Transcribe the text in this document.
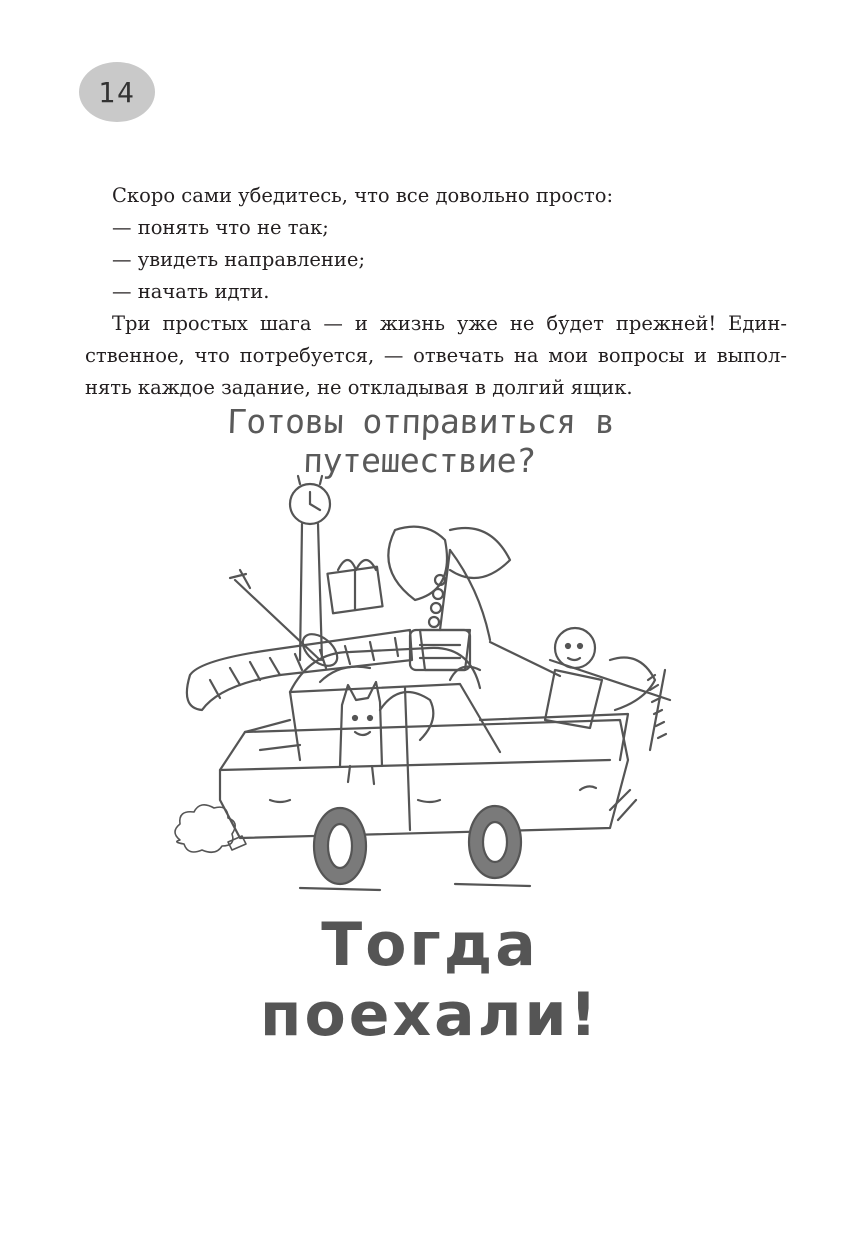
14
Скоро сами убедитесь, что все довольно просто:
— понять что не так;
— увидеть направление;
— начать идти.
Три простых шага — и жизнь уже не будет прежней! Един-
ственное, что потребуется, — отвечать на мои вопросы и выпол-
нять каждое задание, не откладывая в долгий ящик.
Готовы отправиться в путешествие?
Тогда поехали!
